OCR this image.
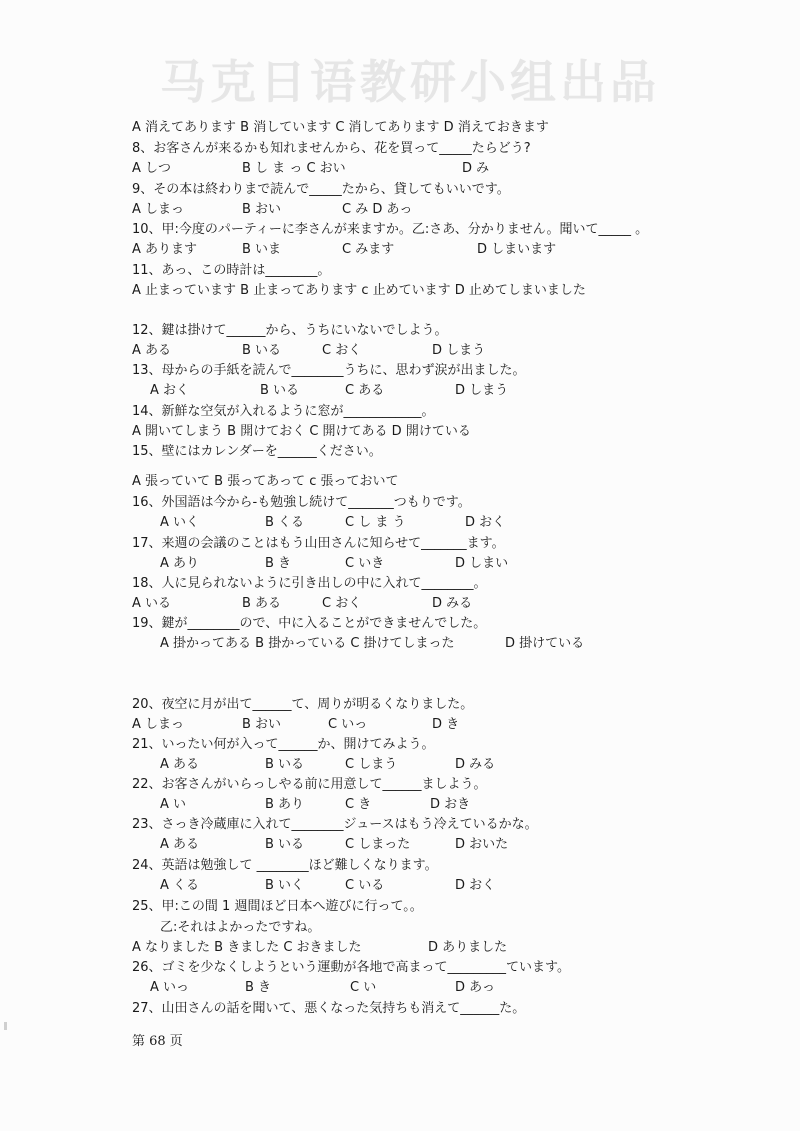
马克日语教研小组出品
A 消えてあります B 消しています C 消してあります D 消えておきます
8、お客さんが来るかも知れませんから、花を買って_____たらどう?
A しつ	B し ま っ C おい	D み
9、その本は終わりまで読んで_____たから、貸してもいいです。
A しまっ	B おい	C み D あっ
10、甲:今度のパーティーに李さんが来ますか。乙:さあ、分かりません。聞いて_____ 。
A あります	B いま	C みます	D しまいます
11、あっ、この時計は________。
A 止まっています B 止まってあります c 止めています D 止めてしまいました
12、鍵は掛けて______から、うちにいないでしよう。
A ある	B いる	C おく	D しまう
13、母からの手紙を読んで________うちに、思わず涙が出ました。
A おく	B いる	C ある	D しまう
14、新鮮な空気が入れるように窓が____________。
A 開いてしまう B 開けておく C 開けてある D 開けている
15、壁にはカレンダーを______ください。
A 張っていて B 張ってあって c 張っておいて
16、外国語は今から-も勉強し続けて_______つもりです。
A いく	B くる	C し ま う	D おく
17、来週の会議のことはもう山田さんに知らせて_______ます。
A あり	B き	C いき	D しまい
18、人に見られないように引き出しの中に入れて________。
A いる	B ある	C おく	D みる
19、鍵が________ので、中に入ることができませんでした。
A 掛かってある B 掛かっている C 掛けてしまった	D 掛けている
20、夜空に月が出て______て、周りが明るくなりました。
A しまっ	B おい	C いっ	D き
21、いったい何が入って______か、開けてみよう。
A ある	B いる	C しまう	D みる
22、お客さんがいらっしやる前に用意して______ましよう。
A い	B あり	C き	D おき
23、さっき冷蔵庫に入れて________ジュースはもう冷えているかな。
A ある	B いる	C しまった	D おいた
24、英語は勉強して ________ほど難しくなります。
A くる	B いく	C いる	D おく
25、甲:この間 1 週間ほど日本へ遊びに行って。。
乙:それはよかったですね。
A なりました B きました C おきました	D ありました
26、ゴミを少なくしようという運動が各地で高まって_________ています。
A いっ	B き	C い	D あっ
27、山田さんの話を聞いて、悪くなった気持ちも消えて______た。
第 68 页
